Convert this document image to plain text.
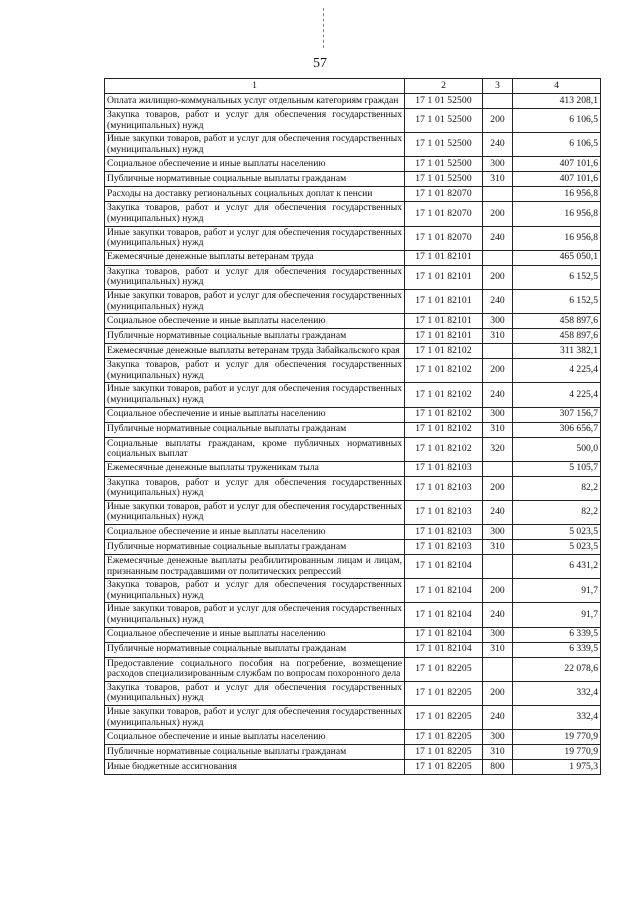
57
1	2	3	4
Оплата жилищно-коммунальных услуг отдельным категориям граждан	17 1 01 52500		413 208,1
Закупка товаров, работ и услуг для обеспечения государственных (муниципальных) нужд	17 1 01 52500	200	6 106,5
Иные закупки товаров, работ и услуг для обеспечения государственных (муниципальных) нужд	17 1 01 52500	240	6 106,5
Социальное обеспечение и иные выплаты населению	17 1 01 52500	300	407 101,6
Публичные нормативные социальные выплаты гражданам	17 1 01 52500	310	407 101,6
Расходы на доставку региональных социальных доплат к пенсии	17 1 01 82070		16 956,8
Закупка товаров, работ и услуг для обеспечения государственных (муниципальных) нужд	17 1 01 82070	200	16 956,8
Иные закупки товаров, работ и услуг для обеспечения государственных (муниципальных) нужд	17 1 01 82070	240	16 956,8
Ежемесячные денежные выплаты ветеранам труда	17 1 01 82101		465 050,1
Закупка товаров, работ и услуг для обеспечения государственных (муниципальных) нужд	17 1 01 82101	200	6 152,5
Иные закупки товаров, работ и услуг для обеспечения государственных (муниципальных) нужд	17 1 01 82101	240	6 152,5
Социальное обеспечение и иные выплаты населению	17 1 01 82101	300	458 897,6
Публичные нормативные социальные выплаты гражданам	17 1 01 82101	310	458 897,6
Ежемесячные денежные выплаты ветеранам труда Забайкальского края	17 1 01 82102		311 382,1
Закупка товаров, работ и услуг для обеспечения государственных (муниципальных) нужд	17 1 01 82102	200	4 225,4
Иные закупки товаров, работ и услуг для обеспечения государственных (муниципальных) нужд	17 1 01 82102	240	4 225,4
Социальное обеспечение и иные выплаты населению	17 1 01 82102	300	307 156,7
Публичные нормативные социальные выплаты гражданам	17 1 01 82102	310	306 656,7
Социальные выплаты гражданам, кроме публичных нормативных социальных выплат	17 1 01 82102	320	500,0
Ежемесячные денежные выплаты труженикам тыла	17 1 01 82103		5 105,7
Закупка товаров, работ и услуг для обеспечения государственных (муниципальных) нужд	17 1 01 82103	200	82,2
Иные закупки товаров, работ и услуг для обеспечения государственных (муниципальных) нужд	17 1 01 82103	240	82,2
Социальное обеспечение и иные выплаты населению	17 1 01 82103	300	5 023,5
Публичные нормативные социальные выплаты гражданам	17 1 01 82103	310	5 023,5
Ежемесячные денежные выплаты реабилитированным лицам и лицам, признанным пострадавшими от политических репрессий	17 1 01 82104		6 431,2
Закупка товаров, работ и услуг для обеспечения государственных (муниципальных) нужд	17 1 01 82104	200	91,7
Иные закупки товаров, работ и услуг для обеспечения государственных (муниципальных) нужд	17 1 01 82104	240	91,7
Социальное обеспечение и иные выплаты населению	17 1 01 82104	300	6 339,5
Публичные нормативные социальные выплаты гражданам	17 1 01 82104	310	6 339,5
Предоставление социального пособия на погребение, возмещение расходов специализированным службам по вопросам похоронного дела	17 1 01 82205		22 078,6
Закупка товаров, работ и услуг для обеспечения государственных (муниципальных) нужд	17 1 01 82205	200	332,4
Иные закупки товаров, работ и услуг для обеспечения государственных (муниципальных) нужд	17 1 01 82205	240	332,4
Социальное обеспечение и иные выплаты населению	17 1 01 82205	300	19 770,9
Публичные нормативные социальные выплаты гражданам	17 1 01 82205	310	19 770,9
Иные бюджетные ассигнования	17 1 01 82205	800	1 975,3
